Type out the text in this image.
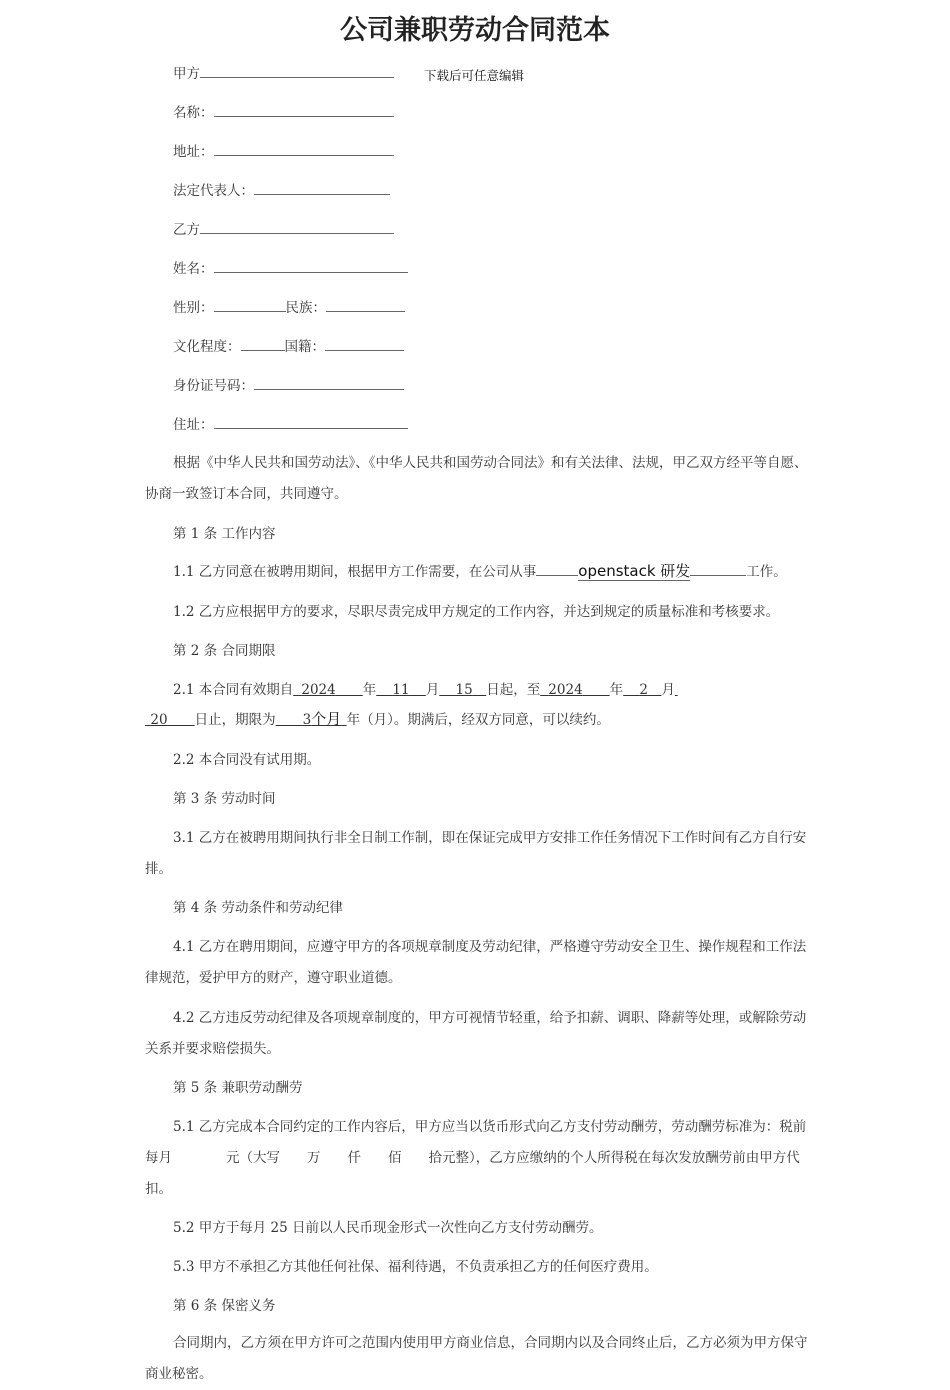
公司兼职劳动合同范本
甲方	下载后可任意编辑
名称：
地址：
法定代表人：
乙方
姓名：
性别：	民族：
文化程度：	国籍：
身份证号码：
住址：
根据《中华人民共和国劳动法》、《中华人民共和国劳动合同法》和有关法律、法规，甲乙双方经平等自愿、协商一致签订本合同，共同遵守。
第 1 条 工作内容
1.1 乙方同意在被聘用期间，根据甲方工作需要，在公司从事	openstack 研发	工作。
1.2 乙方应根据甲方的要求，尽职尽责完成甲方规定的工作内容，并达到规定的质量标准和考核要求。
第 2 条 合同期限
2.1 本合同有效期自    2024   年   11   月   15  日起，至    2024   年   2  月 
  20   日止，期限为   3个月   年（月）。期满后，经双方同意，可以续约。
2.2 本合同没有试用期。
第 3 条 劳动时间
3.1 乙方在被聘用期间执行非全日制工作制，即在保证完成甲方安排工作任务情况下工作时间有乙方自行安排。
第 4 条 劳动条件和劳动纪律
4.1 乙方在聘用期间，应遵守甲方的各项规章制度及劳动纪律，严格遵守劳动安全卫生、操作规程和工作法律规范，爱护甲方的财产，遵守职业道德。
4.2 乙方违反劳动纪律及各项规章制度的，甲方可视情节轻重，给予扣薪、调职、降薪等处理，或解除劳动关系并要求赔偿损失。
第 5 条 兼职劳动酬劳
5.1 乙方完成本合同约定的工作内容后，甲方应当以货币形式向乙方支付劳动酬劳，劳动酬劳标准为：税前每月　　　　元（大写　　万　　仟　　佰　　拾元整），乙方应缴纳的个人所得税在每次发放酬劳前由甲方代扣。
5.2 甲方于每月 25 日前以人民币现金形式一次性向乙方支付劳动酬劳。
5.3 甲方不承担乙方其他任何社保、福利待遇，不负责承担乙方的任何医疗费用。
第 6 条 保密义务
合同期内，乙方须在甲方许可之范围内使用甲方商业信息，合同期内以及合同终止后，乙方必须为甲方保守商业秘密。
